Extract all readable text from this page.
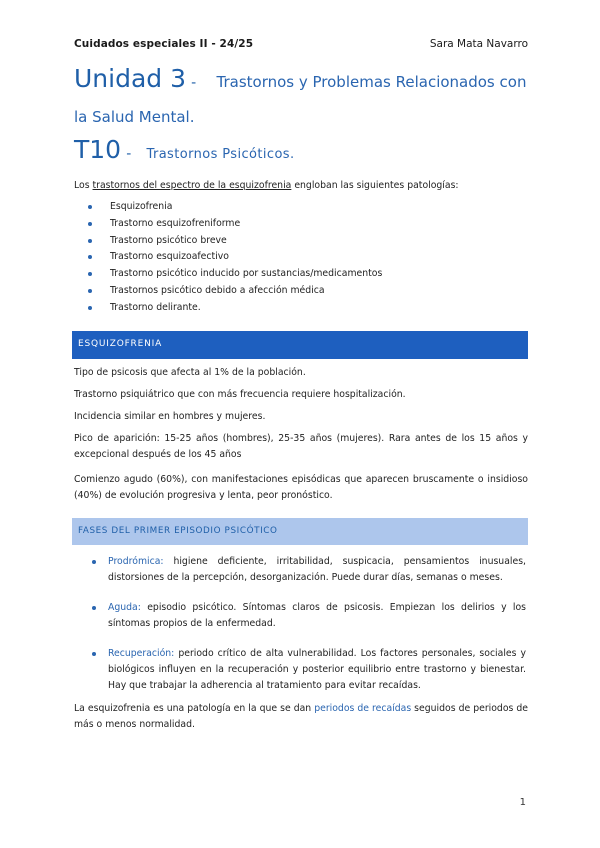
Cuidados especiales II - 24/25	Sara Mata Navarro
Unidad 3 - Trastornos y Problemas Relacionados con
la Salud Mental.
T10 - Trastornos Psicóticos.
Los trastornos del espectro de la esquizofrenia engloban las siguientes patologías:
Esquizofrenia
Trastorno esquizofreniforme
Trastorno psicótico breve
Trastorno esquizoafectivo
Trastorno psicótico inducido por sustancias/medicamentos
Trastornos psicótico debido a afección médica
Trastorno delirante.
ESQUIZOFRENIA
Tipo de psicosis que afecta al 1% de la población.
Trastorno psiquiátrico que con más frecuencia requiere hospitalización.
Incidencia similar en hombres y mujeres.
Pico de aparición: 15-25 años (hombres), 25-35 años (mujeres). Rara antes de los 15 años y excepcional después de los 45 años
Comienzo agudo (60%), con manifestaciones episódicas que aparecen bruscamente o insidioso (40%) de evolución progresiva y lenta, peor pronóstico.
FASES DEL PRIMER EPISODIO PSICÓTICO
Prodrómica: higiene deficiente, irritabilidad, suspicacia, pensamientos inusuales, distorsiones de la percepción, desorganización. Puede durar días, semanas o meses.
Aguda: episodio psicótico. Síntomas claros de psicosis. Empiezan los delirios y los síntomas propios de la enfermedad.
Recuperación: periodo crítico de alta vulnerabilidad. Los factores personales, sociales y biológicos influyen en la recuperación y posterior equilibrio entre trastorno y bienestar. Hay que trabajar la adherencia al tratamiento para evitar recaídas.
La esquizofrenia es una patología en la que se dan periodos de recaídas seguidos de periodos de más o menos normalidad.
1
